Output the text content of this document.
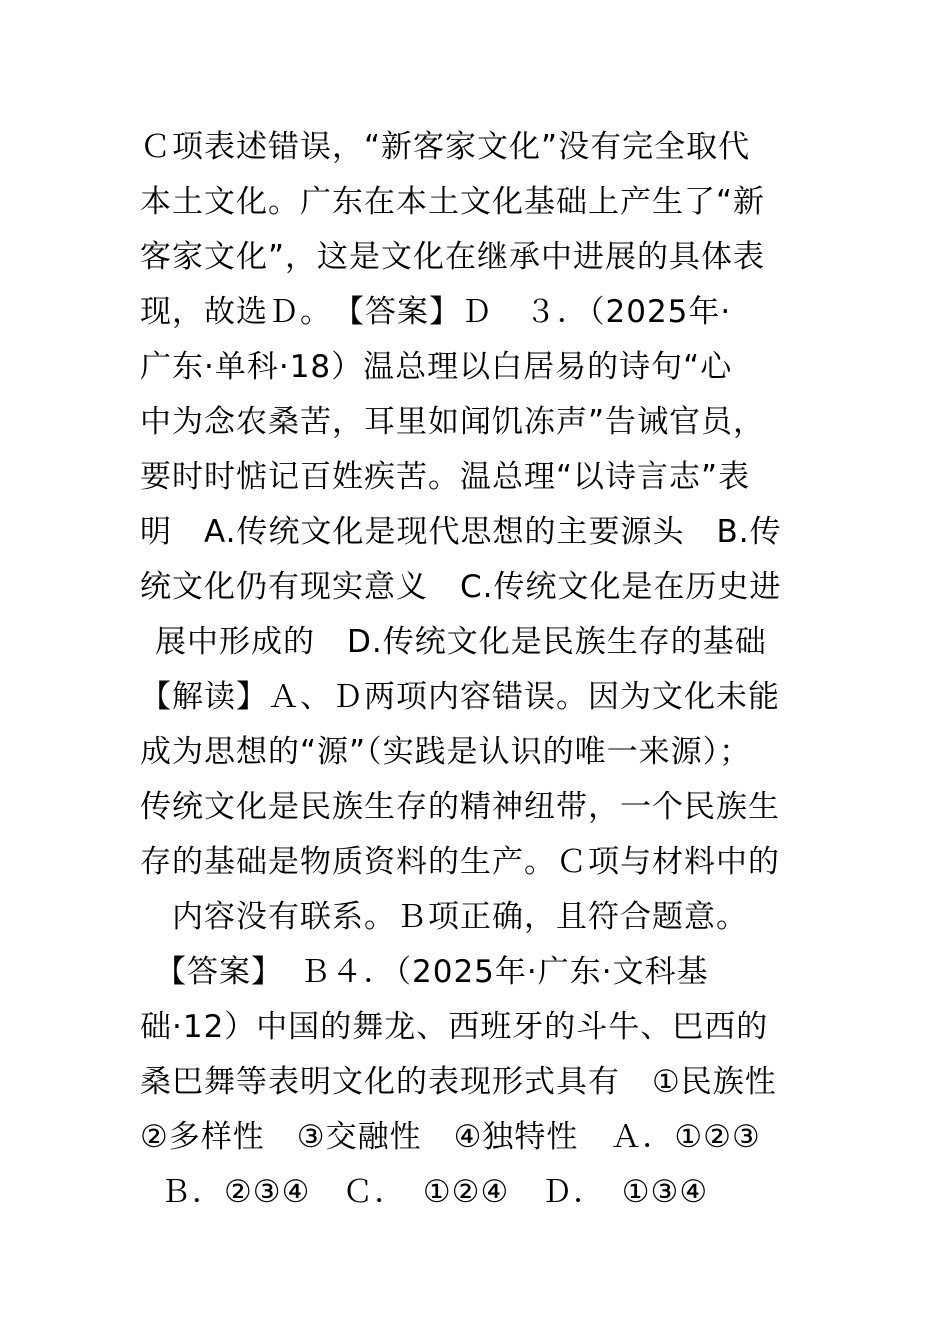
Ｃ项表述错误，“新客家文化”没有完全取代
本土文化。广东在本土文化基础上产生了“新
客家文化”，这是文化在继承中进展的具体表
现，故选Ｄ。　【答案】Ｄ　３．（2025年·
广东·单科·18）温总理以白居易的诗句“心
中为念农桑苦，耳里如闻饥冻声”告诫官员，
要时时惦记百姓疾苦。温总理“以诗言志”表
明　A.传统文化是现代思想的主要源头　B.传
统文化仍有现实意义　C.传统文化是在历史进
展中形成的　D.传统文化是民族生存的基础
【解读】Ａ、Ｄ两项内容错误。因为文化未能
成为思想的“源”（实践是认识的唯一来源）；
传统文化是民族生存的精神纽带，一个民族生
存的基础是物质资料的生产。Ｃ项与材料中的
内容没有联系。Ｂ项正确，且符合题意。
【答案】　Ｂ４．（2025年·广东·文科基
础·12）中国的舞龙、西班牙的斗牛、巴西的
桑巴舞等表明文化的表现形式具有　①民族性
②多样性　③交融性　④独特性　Ａ．①②③
Ｂ．②③④　Ｃ．　①②④　Ｄ．　①③④
